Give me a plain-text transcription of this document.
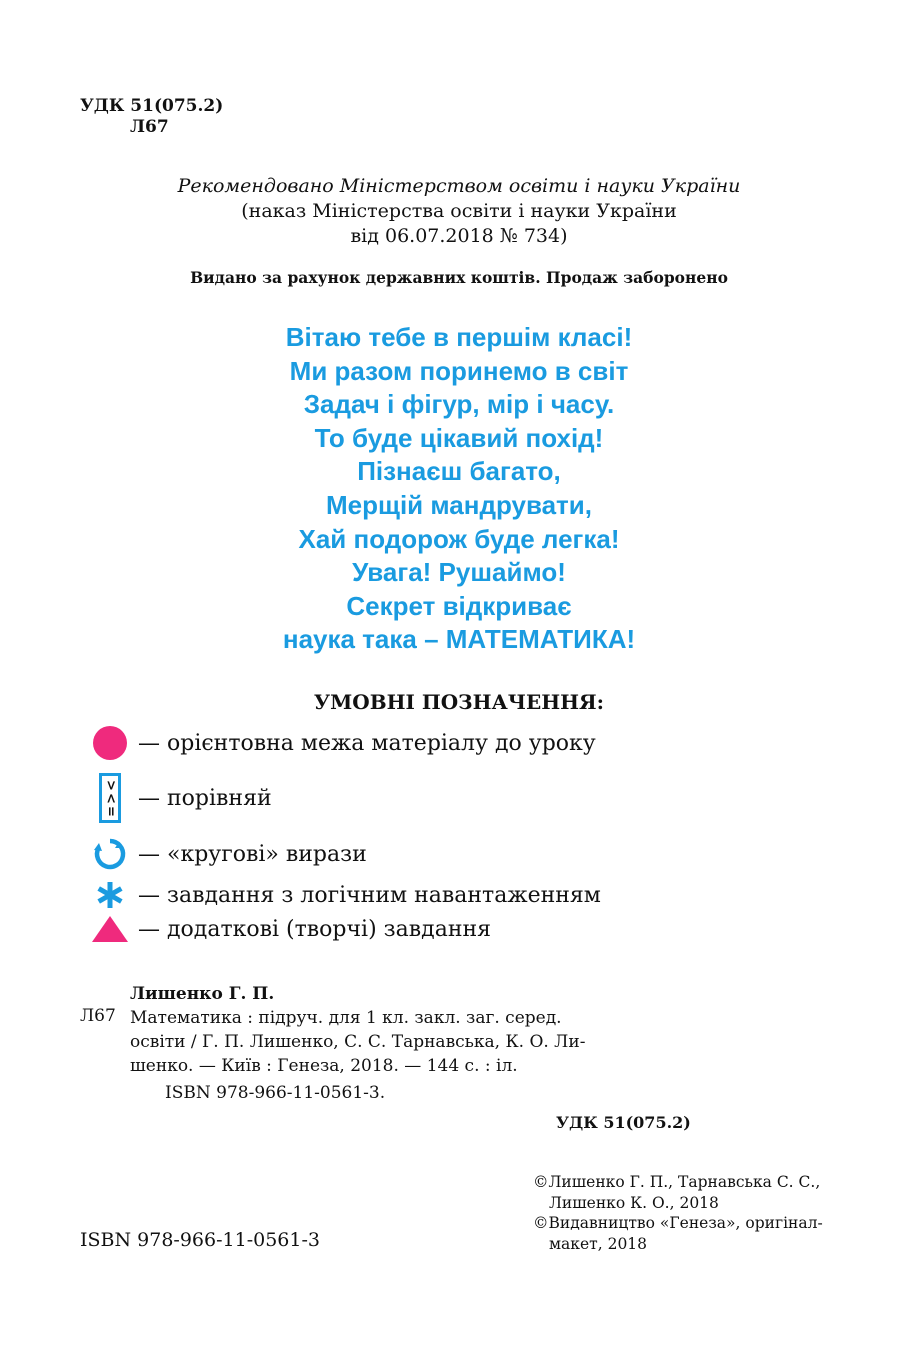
УДК 51(075.2)
Л67
Рекомендовано Міністерством освіти і науки України
(наказ Міністерства освіти і науки України
від 06.07.2018 № 734)
Видано за рахунок державних коштів. Продаж заборонено
Вітаю тебе в першім класі!
Ми разом поринемо в світ
Задач і фігур, мір і часу.
То буде цікавий похід!
Пізнаєш багато,
Мерщій мандрувати,
Хай подорож буде легка!
Увага! Рушаймо!
Секрет відкриває
наука така – МАТЕМАТИКА!
УМОВНІ ПОЗНАЧЕННЯ:
— орієнтовна межа матеріалу до уроку
>
<
=
— порівняй
— «кругові» вирази
— завдання з логічним навантаженням
— додаткові (творчі) завдання
Лишенко Г. П.
Л67 Математика : підруч. для 1 кл. закл. заг. серед.
освіти / Г. П. Лишенко, С. С. Тарнавська, К. О. Ли-
шенко. — Київ : Генеза, 2018. — 144 с. : іл.
ISBN 978-966-11-0561-3.
УДК 51(075.2)
©Лишенко Г. П., Тарнавська С. С.,
Лишенко К. О., 2018
©Видавництво «Генеза», оригінал-
макет, 2018
ISBN 978-966-11-0561-3
